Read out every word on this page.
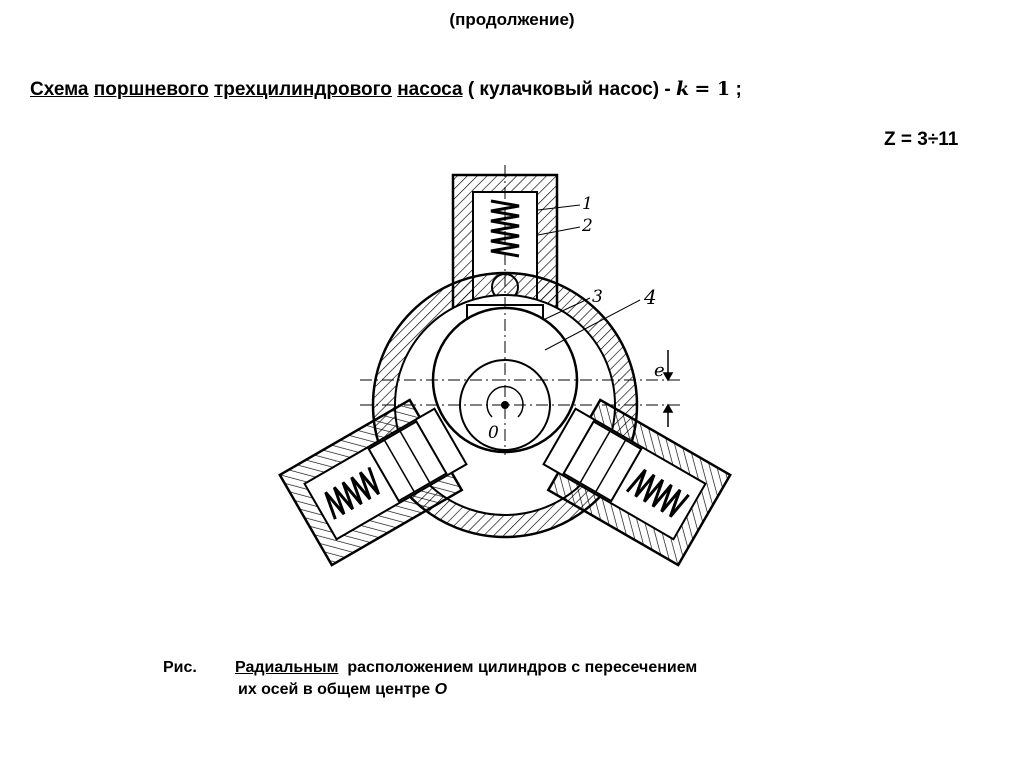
(продолжение)
Схема поршневого трехцилиндрового насоса ( кулачковый насос) - k = 1 ;
Z = 3÷11
1
2
3 4
e
0
Рис. Радиальным расположением цилиндров с пересечением
их осей в общем центре O
